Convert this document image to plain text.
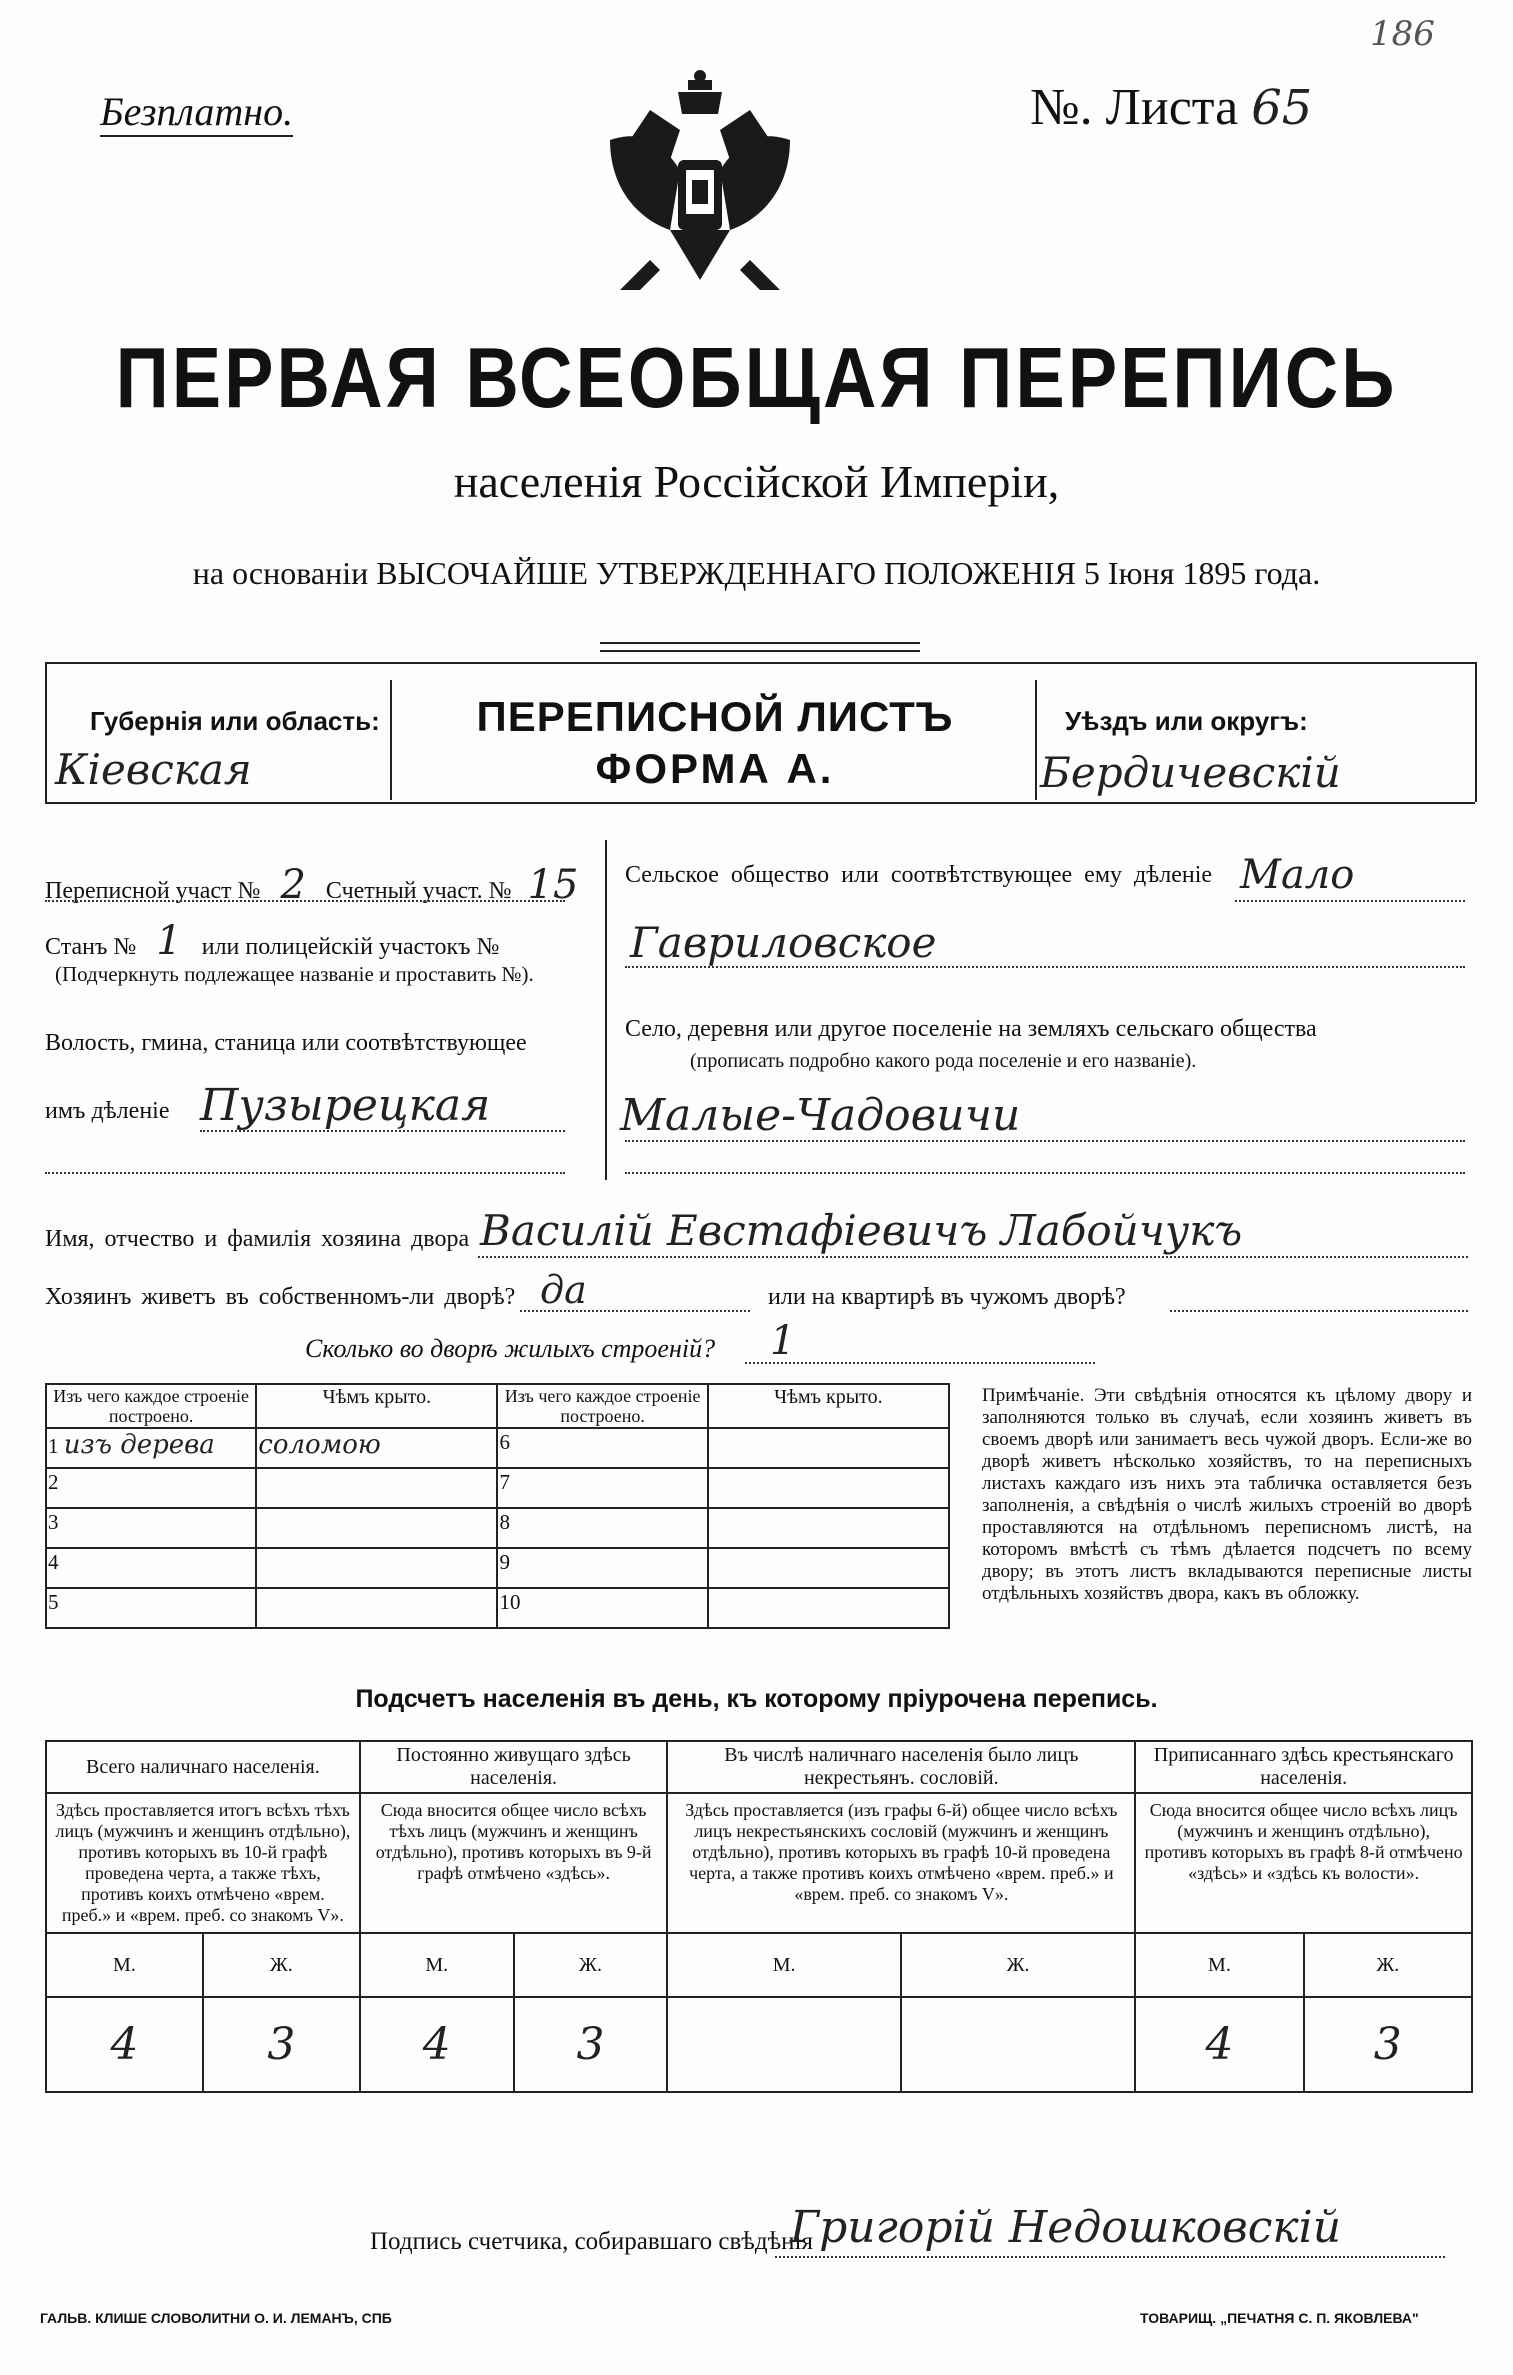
186
Безплатно.	№. Листа 65
ПЕРВАЯ ВСЕОБЩАЯ ПЕРЕПИСЬ
населенія Россійской Имперіи,
на основаніи ВЫСОЧАЙШЕ УТВЕРЖДЕННАГО ПОЛОЖЕНІЯ 5 Іюня 1895 года.
Губернія или область:
Кiевская
ПЕРЕПИСНОЙ ЛИСТЪ
ФОРМА А.
Уѣздъ или округъ:
Бердичевскiй
Переписной участ № 2 Счетный участ. № 15
Станъ № 1 или полицейскій участокъ №
(Подчеркнуть подлежащее названіе и проставить №).
Волость, гмина, станица или соотвѣтствующее
имъ дѣленіе Пузырецкая
Сельское общество или соотвѣтствующее ему дѣленіе Мало
Гавриловское
Село, деревня или другое поселеніе на земляхъ сельскаго общества
(прописать подробно какого рода поселеніе и его названіе).
Малые-Чадовичи
Имя, отчество и фамилія хозяина двора Василiй Евстафiевичъ Лабойчукъ
Хозяинъ живетъ въ собственномъ-ли дворѣ? да	или на квартирѣ въ чужомъ дворѣ?
Сколько во дворѣ жилыхъ строеній? 1
Изъ чего каждое строеніе построено.	Чѣмъ крыто.	Изъ чего каждое строеніе построено.	Чѣмъ крыто.
1 изъ дерева	соломою	6	
2		7	
3		8	
4		9	
5		10	
Примѣчаніе. Эти свѣдѣнія относятся къ цѣлому двору и заполняются только въ случаѣ, если хозяинъ живетъ въ своемъ дворѣ или занимаетъ весь чужой дворъ. Если-же во дворѣ живетъ нѣсколько хозяйствъ, то на переписныхъ листахъ каждаго изъ нихъ эта табличка оставляется безъ заполненія, а свѣдѣнія о числѣ жилыхъ строеній во дворѣ проставляются на отдѣльномъ переписномъ листѣ, на которомъ вмѣстѣ съ тѣмъ дѣлается подсчетъ по всему двору; въ этотъ листъ вкладываются переписные листы отдѣльныхъ хозяйствъ двора, какъ въ обложку.
Подсчетъ населенія въ день, къ которому пріурочена перепись.
Всего наличнаго населенія.		Постоянно живущаго здѣсь населенія.		Въ числѣ наличнаго населенія было лицъ некрестьянъ. сословій.		Приписаннаго здѣсь крестьянскаго населенія.	
Здѣсь проставляется итогъ всѣхъ тѣхъ лицъ (мужчинъ и женщинъ отдѣльно), противъ которыхъ въ 10-й графѣ проведена черта, а также тѣхъ, противъ коихъ отмѣчено «врем. преб.» и «врем. преб. со знакомъ V».		Сюда вносится общее число всѣхъ тѣхъ лицъ (мужчинъ и женщинъ отдѣльно), противъ которыхъ въ 9-й графѣ отмѣчено «здѣсь».		Здѣсь проставляется (изъ графы 6-й) общее число всѣхъ лицъ некрестьянскихъ сословій (мужчинъ и женщинъ отдѣльно), противъ которыхъ въ графѣ 10-й проведена черта, а также противъ коихъ отмѣчено «врем. преб.» и «врем. преб. со знакомъ V».		Сюда вносится общее число всѣхъ лицъ (мужчинъ и женщинъ отдѣльно), противъ которыхъ въ графѣ 8-й отмѣчено «здѣсь» и «здѣсь къ волости».	
М.	Ж.	М.	Ж.	М.	Ж.	М.	Ж.
4	3	4	3			4	3
Подпись счетчика, собиравшаго свѣдѣнія
Григорiй Недошковскiй
ГАЛЬВ. КЛИШЕ СЛОВОЛИТНИ О. И. ЛЕМАНЪ, СПБ	ТОВАРИЩ. „ПЕЧАТНЯ С. П. ЯКОВЛЕВА"
